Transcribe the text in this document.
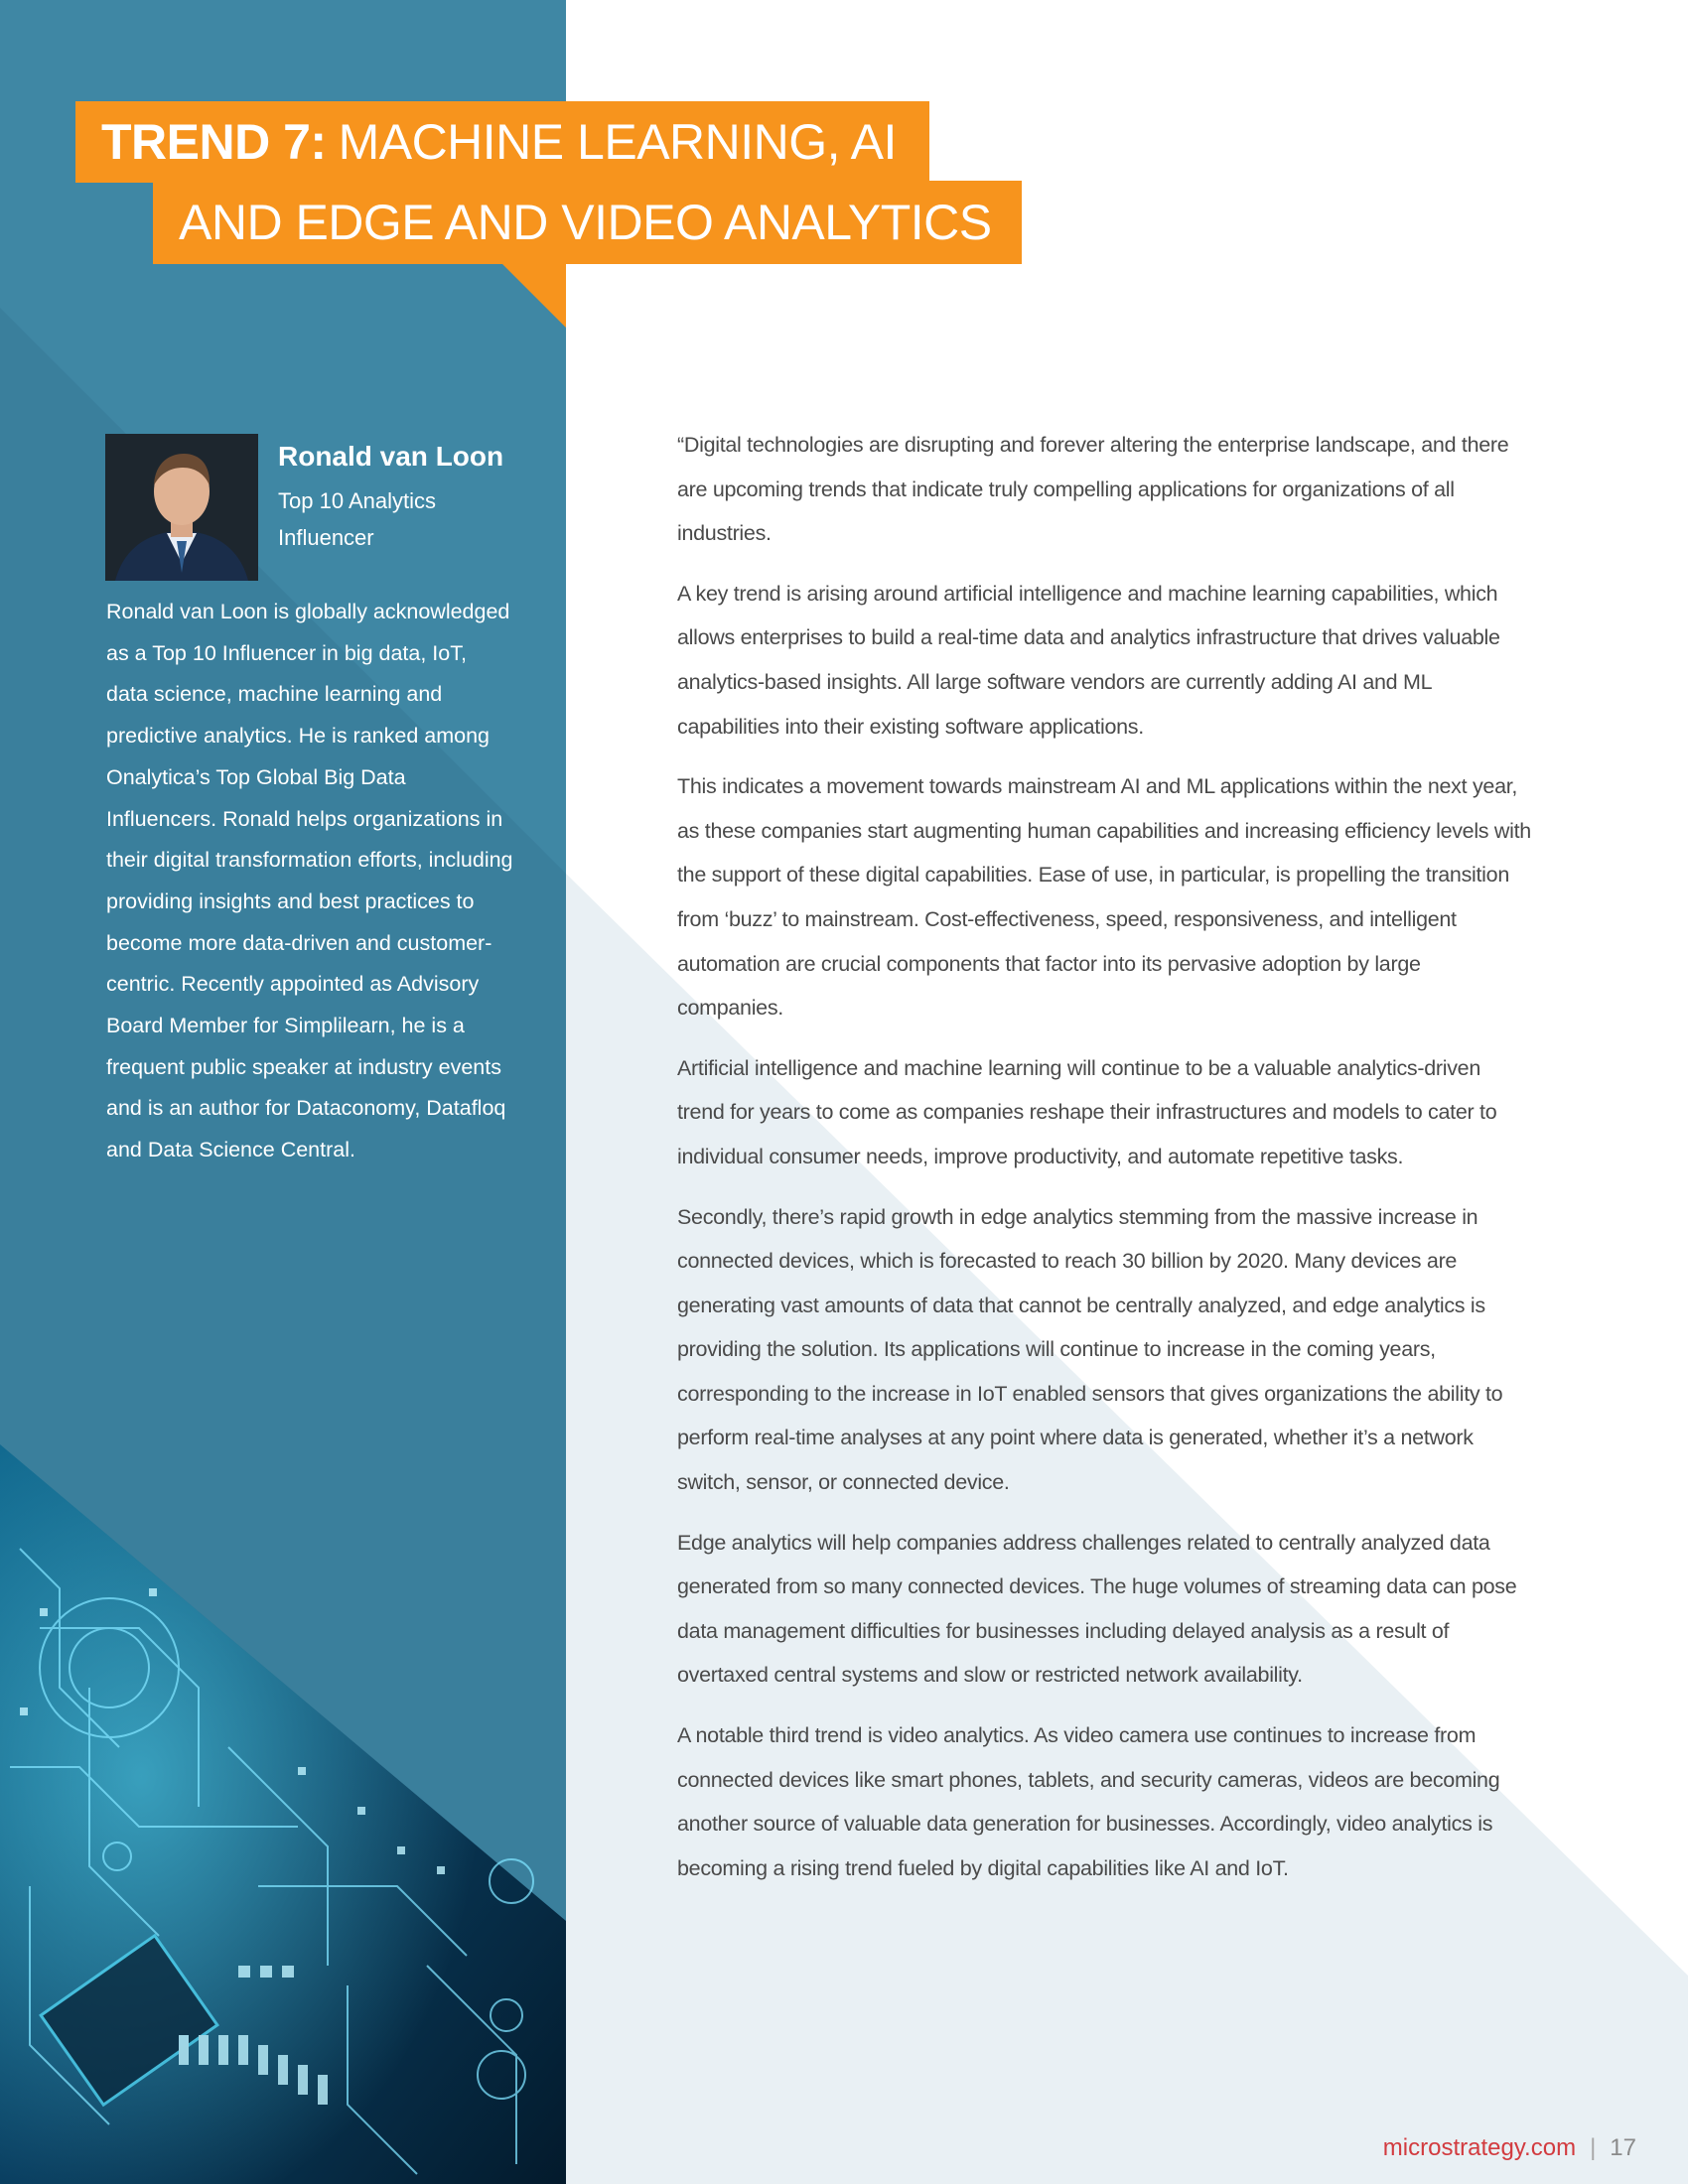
TREND 7: MACHINE LEARNING, AI
AND EDGE AND VIDEO ANALYTICS
Ronald van Loon
Top 10 Analytics Influencer
Ronald van Loon is globally acknowledged as a Top 10 Influencer in big data, IoT, data science, machine learning and predictive analytics. He is ranked among Onalytica’s Top Global Big Data Influencers. Ronald helps organizations in their digital transformation efforts, including providing insights and best practices to become more data-driven and customer-centric. Recently appointed as Advisory Board Member for Simplilearn, he is a frequent public speaker at industry events and is an author for Dataconomy, Datafloq and Data Science Central.

“Digital technologies are disrupting and forever altering the enterprise landscape, and there are upcoming trends that indicate truly compelling applications for organizations of all industries.

A key trend is arising around artificial intelligence and machine learning capabilities, which allows enterprises to build a real-time data and analytics infrastructure that drives valuable analytics-based insights. All large software vendors are currently adding AI and ML capabilities into their existing software applications.

This indicates a movement towards mainstream AI and ML applications within the next year, as these companies start augmenting human capabilities and increasing efficiency levels with the support of these digital capabilities. Ease of use, in particular, is propelling the transition from ‘buzz’ to mainstream. Cost-effectiveness, speed, responsiveness, and intelligent automation are crucial components that factor into its pervasive adoption by large companies.

Artificial intelligence and machine learning will continue to be a valuable analytics-driven trend for years to come as companies reshape their infrastructures and models to cater to individual consumer needs, improve productivity, and automate repetitive tasks.

Secondly, there’s rapid growth in edge analytics stemming from the massive increase in connected devices, which is forecasted to reach 30 billion by 2020. Many devices are generating vast amounts of data that cannot be centrally analyzed, and edge analytics is providing the solution. Its applications will continue to increase in the coming years, corresponding to the increase in IoT enabled sensors that gives organizations the ability to perform real-time analyses at any point where data is generated, whether it’s a network switch, sensor, or connected device.

Edge analytics will help companies address challenges related to centrally analyzed data generated from so many connected devices. The huge volumes of streaming data can pose data management difficulties for businesses including delayed analysis as a result of overtaxed central systems and slow or restricted network availability.

A notable third trend is video analytics. As video camera use continues to increase from connected devices like smart phones, tablets, and security cameras, videos are becoming another source of valuable data generation for businesses. Accordingly, video analytics is becoming a rising trend fueled by digital capabilities like AI and IoT.

microstrategy.com | 17
